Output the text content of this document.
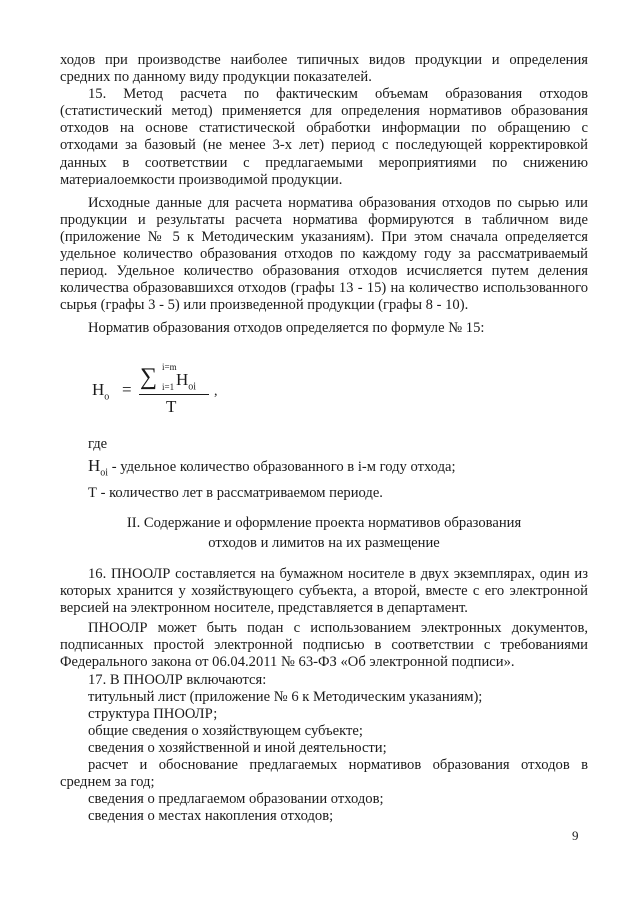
ходов при производстве наиболее типичных видов продукции и определения средних по данному виду продукции показателей.

15. Метод расчета по фактическим объемам образования отходов (статистический метод) применяется для определения нормативов образования отходов на основе статистической обработки информации по обращению с отходами за базовый (не менее 3-х лет) период с последующей корректировкой данных в соответствии с предлагаемыми мероприятиями по снижению материалоемкости производимой продукции.

Исходные данные для расчета норматива образования отходов по сырью или продукции и результаты расчета норматива формируются в табличном виде (приложение № 5 к Методическим указаниям). При этом сначала определяется удельное количество образования отходов по каждому году за рассматриваемый период. Удельное количество образования отходов исчисляется путем деления количества образовавшихся отходов (графы 13 - 15) на количество использованного сырья (графы 3 - 5) или произведенной продукции (графы 8 - 10).

Норматив образования отходов определяется по формуле № 15:

$H_o$ = ∑ i=m
i=1 $H_{oi}$
T
,

где

$H_{oi}$ - удельное количество образованного в i-м году отхода;

Т - количество лет в рассматриваемом периоде.

II. Содержание и оформление проекта нормативов образования

отходов и лимитов на их размещение

16. ПНООЛР составляется на бумажном носителе в двух экземплярах, один из которых хранится у хозяйствующего субъекта, а второй, вместе с его электронной версией на электронном носителе, представляется в департамент.

ПНООЛР может быть подан с использованием электронных документов, подписанных простой электронной подписью в соответствии с требованиями Федерального закона от 06.04.2011 № 63-ФЗ «Об электронной подписи».

17. В ПНООЛР включаются:

титульный лист (приложение № 6 к Методическим указаниям);

структура ПНООЛР;

общие сведения о хозяйствующем субъекте;

сведения о хозяйственной и иной деятельности;

расчет и обоснование предлагаемых нормативов образования отходов в среднем за год;

сведения о предлагаемом образовании отходов;

сведения о местах накопления отходов;

9
